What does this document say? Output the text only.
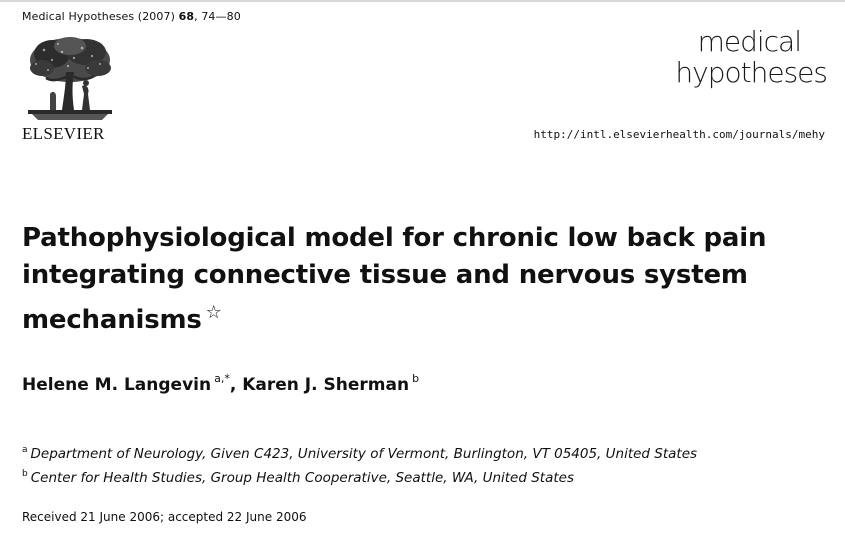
Medical Hypotheses (2007) 68, 74—80
ELSEVIER
medical
hypotheses
http://intl.elsevierhealth.com/journals/mehy
Pathophysiological model for chronic low back pain
integrating connective tissue and nervous system
mechanisms ☆
Helene M. Langevin $^{a,*}$, Karen J. Sherman $^b$
$^a$ Department of Neurology, Given C423, University of Vermont, Burlington, VT 05405, United States
$^b$ Center for Health Studies, Group Health Cooperative, Seattle, WA, United States
Received 21 June 2006; accepted 22 June 2006
